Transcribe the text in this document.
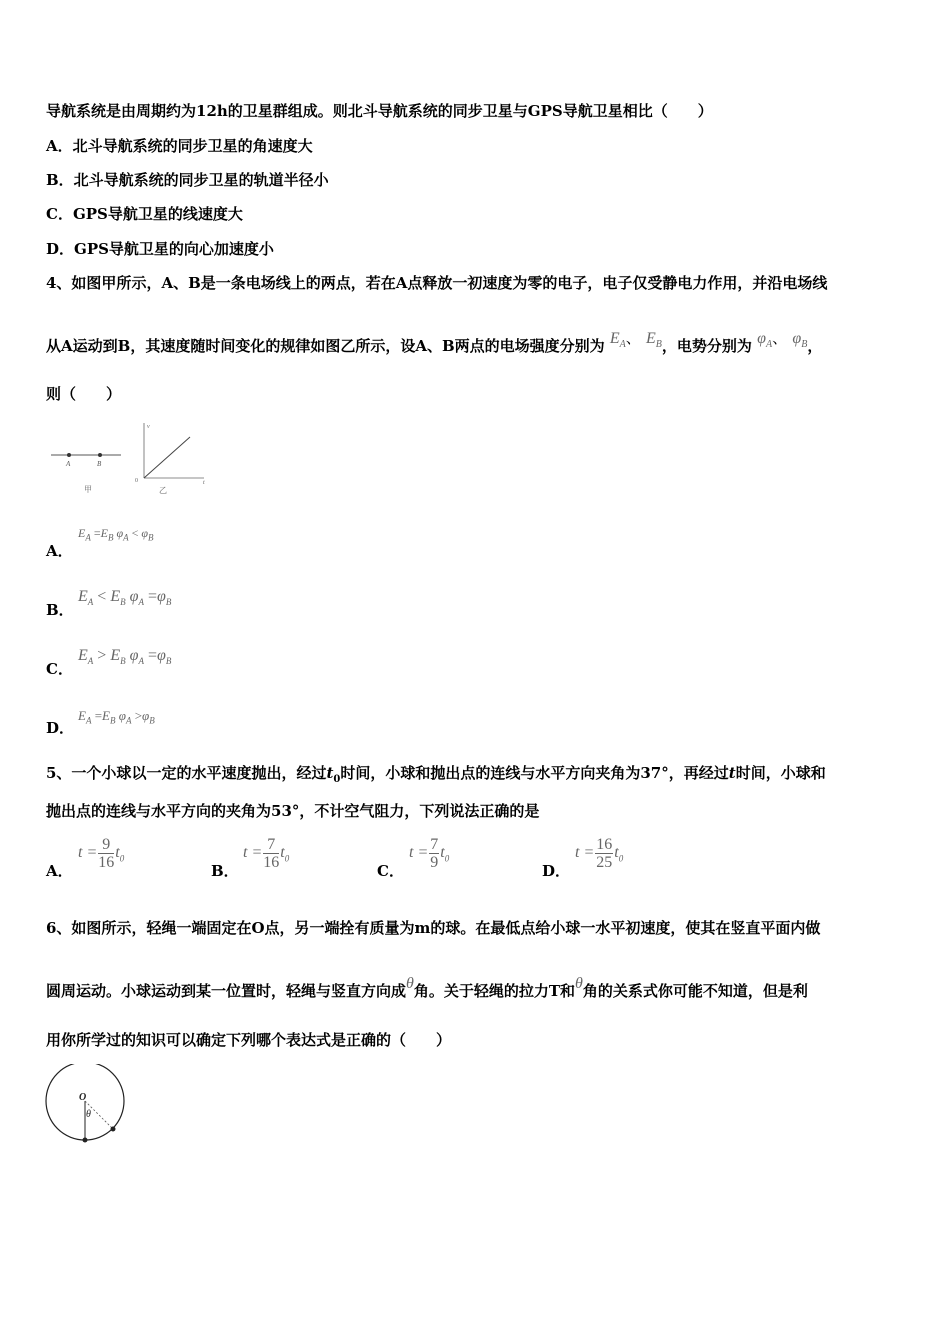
导航系统是由周期约为12h的卫星群组成。则北斗导航系统的同步卫星与GPS导航卫星相比（　　）
A．北斗导航系统的同步卫星的角速度大
B．北斗导航系统的同步卫星的轨道半径小
C．GPS导航卫星的线速度大
D．GPS导航卫星的向心加速度小
4、如图甲所示，A、B是一条电场线上的两点，若在A点释放一初速度为零的电子，电子仅受静电力作用，并沿电场线
从A运动到B，其速度随时间变化的规律如图乙所示，设A、B两点的电场强度分别为 $E_A$、 $E_B$，电势分别为 $\varphi_A$、 $\varphi_B$，
则（　　）
A	B
甲
v
t
0
乙
A．
$E_A =E_B$ $\varphi_A < \varphi_B$
B．
$E_A < E_B$ $\varphi_A =\varphi_B$
C．
$E_A > E_B$ $\varphi_A =\varphi_B$
D．
$E_A =E_B$ $\varphi_A >\varphi_B$
5、一个小球以一定的水平速度抛出，经过$t_0$时间，小球和抛出点的连线与水平方向夹角为37°，再经过t时间，小球和
抛出点的连线与水平方向的夹角为53°，不计空气阻力，下列说法正确的是
A．
$t = \frac{9}{16} t_0$
B．
$t = \frac{7}{16} t_0$
C．
$t = \frac{7}{9} t_0$
D．
$t = \frac{16}{25} t_0$
6、如图所示，轻绳一端固定在O点，另一端拴有质量为m的球。在最低点给小球一水平初速度，使其在竖直平面内做
圆周运动。小球运动到某一位置时，轻绳与竖直方向成θ角。关于轻绳的拉力T和θ角的关系式你可能不知道，但是利
用你所学过的知识可以确定下列哪个表达式是正确的（　　）
O
θ
